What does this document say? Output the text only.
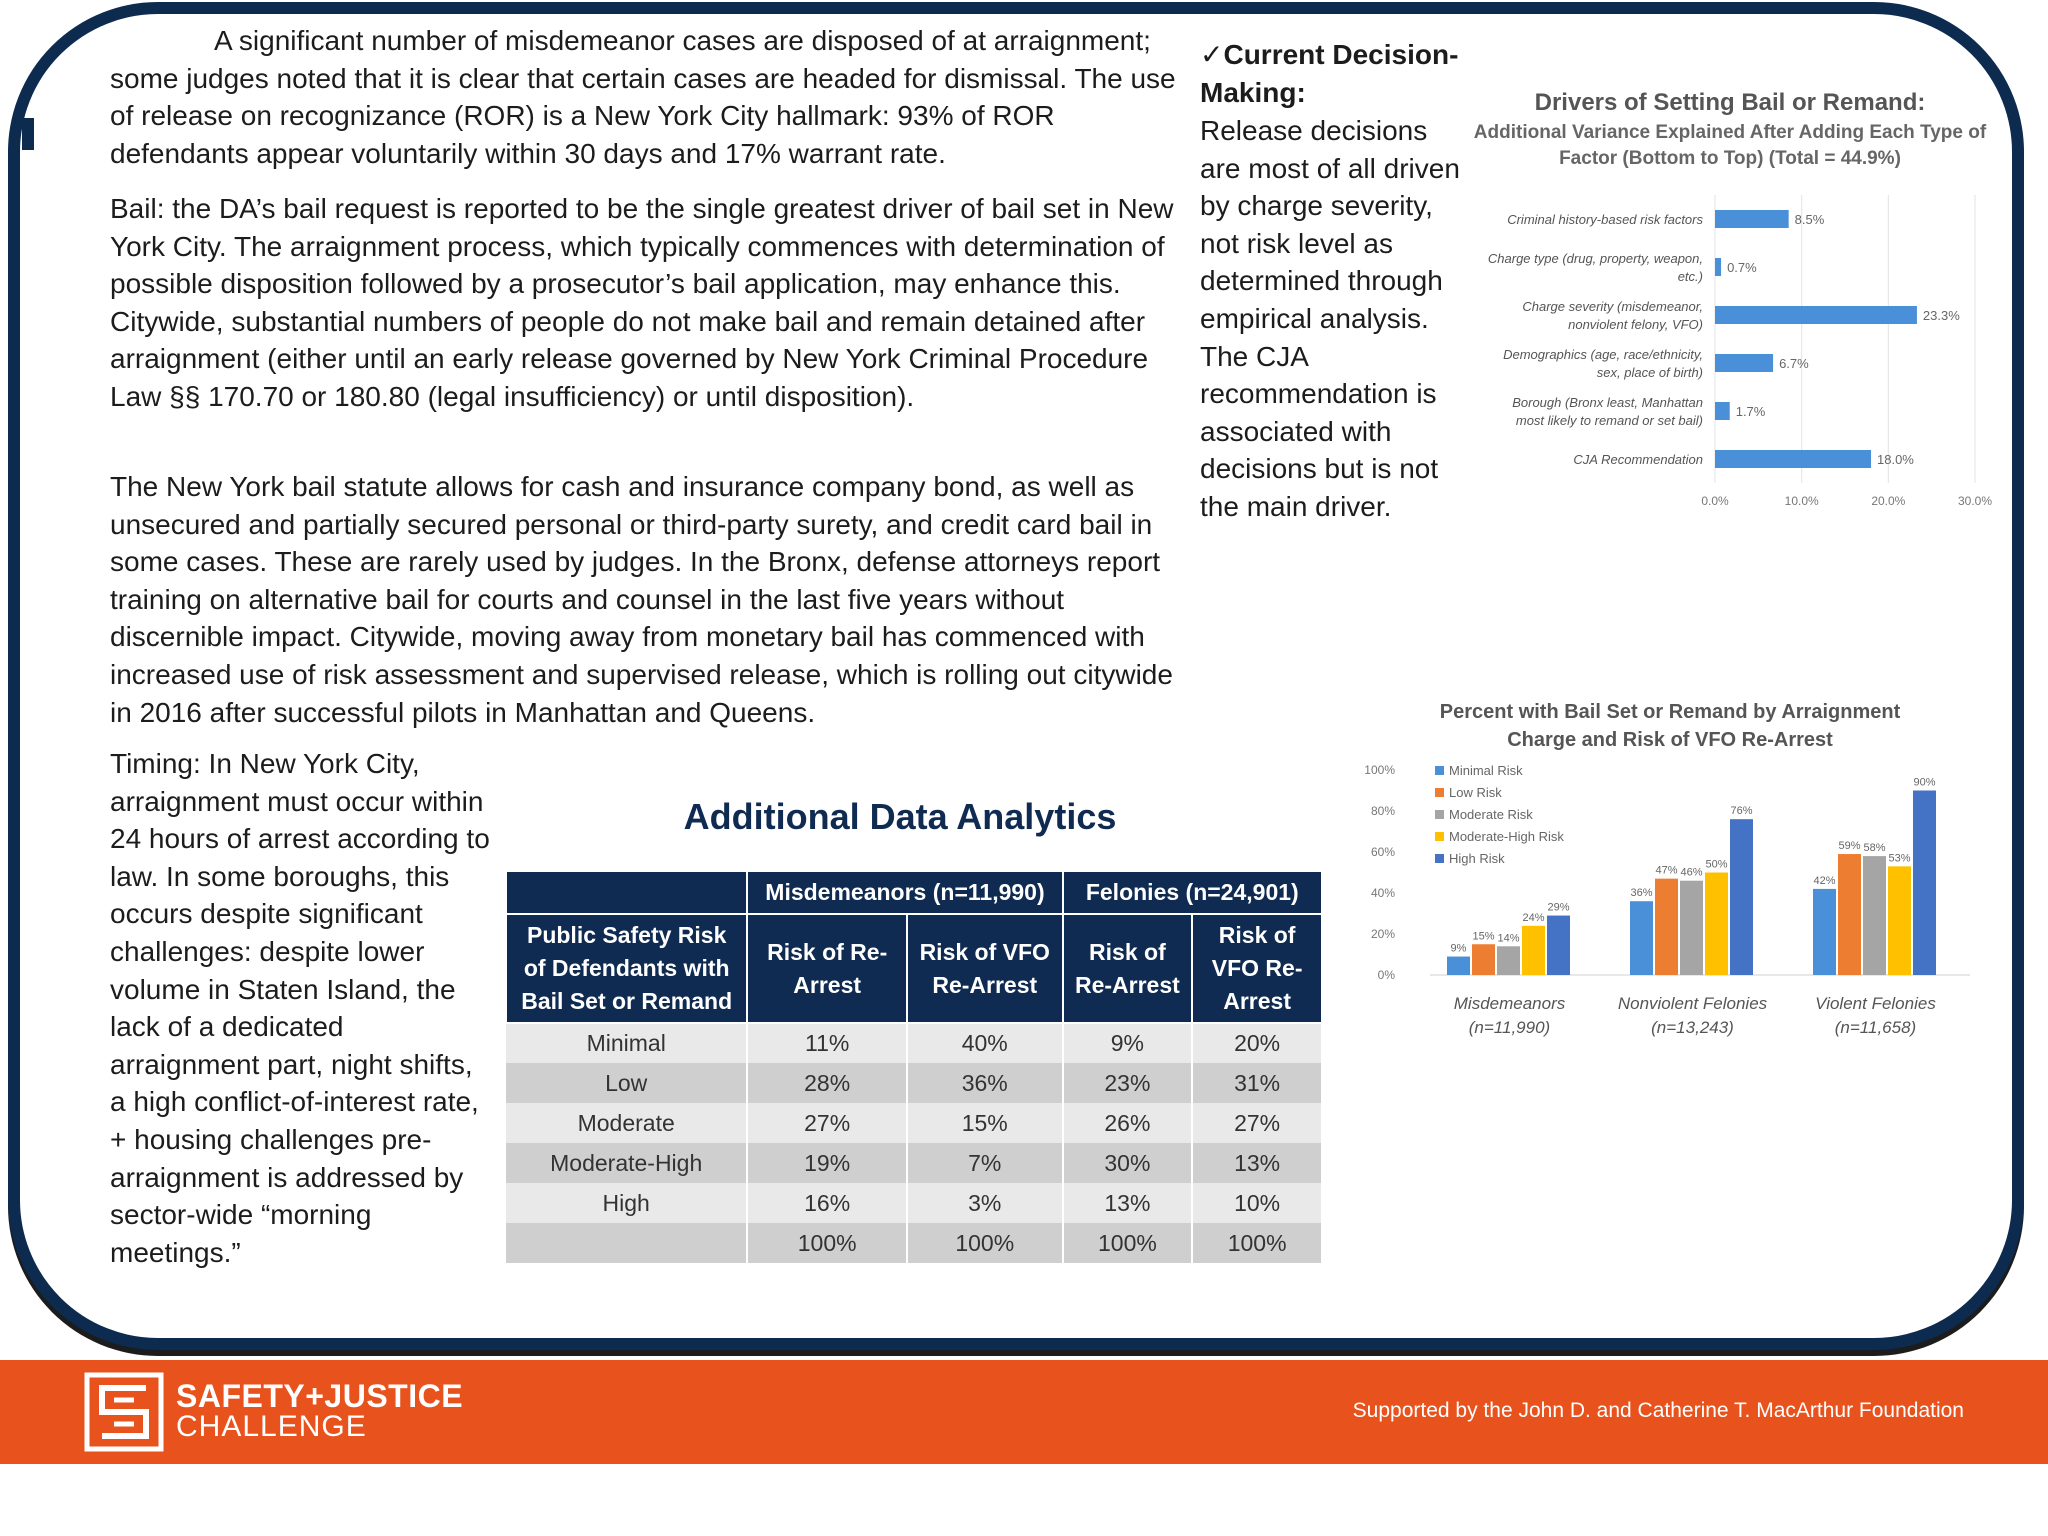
A significant number of misdemeanor cases are disposed of at arraignment; some judges noted that it is clear that certain cases are headed for dismissal. The use of release on recognizance (ROR) is a New York City hallmark: 93% of ROR defendants appear voluntarily within 30 days and 17% warrant rate.
Bail: the DA’s bail request is reported to be the single greatest driver of bail set in New York City. The arraignment process, which typically commences with determination of possible disposition followed by a prosecutor’s bail application, may enhance this. Citywide, substantial numbers of people do not make bail and remain detained after arraignment (either until an early release governed by New York Criminal Procedure Law §§ 170.70 or 180.80 (legal insufficiency) or until disposition).
The New York bail statute allows for cash and insurance company bond, as well as unsecured and partially secured personal or third-party surety, and credit card bail in some cases. These are rarely used by judges. In the Bronx, defense attorneys report training on alternative bail for courts and counsel in the last five years without discernible impact. Citywide, moving away from monetary bail has commenced with increased use of risk assessment and supervised release, which is rolling out citywide in 2016 after successful pilots in Manhattan and Queens.
Timing: In New York City, arraignment must occur within 24 hours of arrest according to law. In some boroughs, this occurs despite significant challenges: despite lower volume in Staten Island, the lack of a dedicated arraignment part, night shifts, a high conflict-of-interest rate, + housing challenges pre-arraignment is addressed by sector-wide “morning meetings.”
✓Current Decision-Making:
Release decisions are most of all driven by charge severity, not risk level as determined through empirical analysis. The CJA recommendation is associated with decisions but is not the main driver.
Additional Data Analytics
	Misdemeanors (n=11,990)		Felonies (n=24,901)	
Public Safety Risk of Defendants with Bail Set or Remand	Risk of Re-Arrest	Risk of VFO Re-Arrest	Risk of Re-Arrest	Risk of VFO Re-Arrest
Minimal	11%	40%	9%	20%
Low	28%	36%	23%	31%
Moderate	27%	15%	26%	27%
Moderate-High	19%	7%	30%	13%
High	16%	3%	13%	10%
	100%	100%	100%	100%
Drivers of Setting Bail or Remand:
Additional Variance Explained After Adding Each Type of Factor (Bottom to Top) (Total = 44.9%)
0.0%	10.0%	20.0%	30.0%
Criminal history-based risk factors	8.5%
Charge type (drug, property, weapon,
etc.)
0.7%
Charge severity (misdemeanor,
nonviolent felony, VFO)
23.3%
Demographics (age, race/ethnicity,
sex, place of birth)
6.7%
Borough (Bronx least, Manhattan
most likely to remand or set bail)
1.7%
CJA Recommendation	18.0%
Percent with Bail Set or Remand by Arraignment Charge and Risk of VFO Re-Arrest
0%
20%
40%
60%
80%
100%
9%
15% 14%
24%
29%
Misdemeanors
(n=11,990)
36%
47% 46%
50%
76%
Nonviolent Felonies
(n=13,243)
42%
59% 58%
53%
90%
Violent Felonies
(n=11,658)
Minimal Risk
Low Risk
Moderate Risk
Moderate-High Risk
High Risk
SAFETY+JUSTICE
CHALLENGE	Supported by the John D. and Catherine T. MacArthur Foundation
